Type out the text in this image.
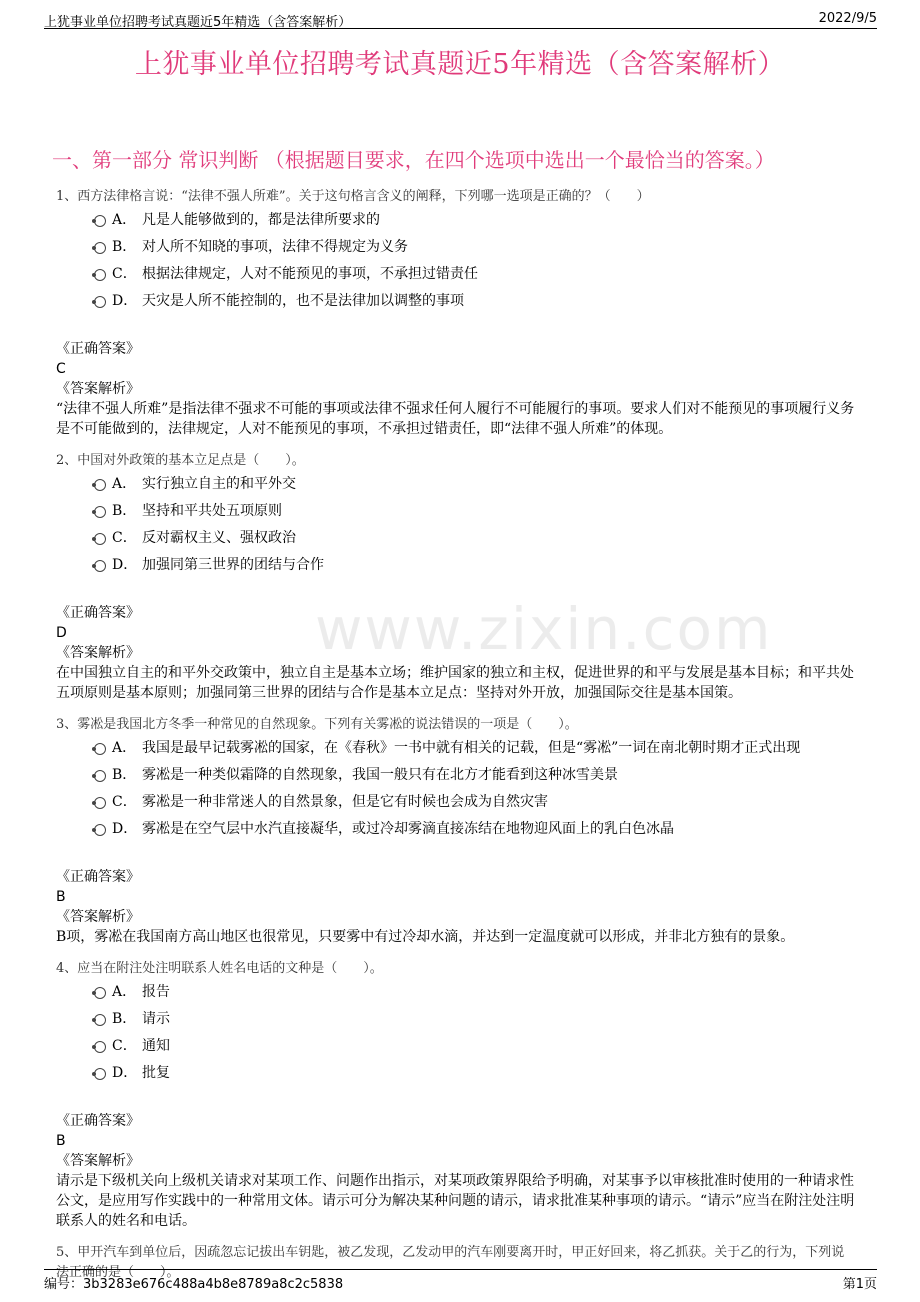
上犹事业单位招聘考试真题近5年精选（含答案解析）	2022/9/5
上犹事业单位招聘考试真题近5年精选（含答案解析）
一、第一部分 常识判断 （根据题目要求，在四个选项中选出一个最恰当的答案。）
www.zixin.com
1、西方法律格言说：“法律不强人所难”。关于这句格言含义的阐释，下列哪一选项是正确的？（　　）
A． 凡是人能够做到的，都是法律所要求的
B． 对人所不知晓的事项，法律不得规定为义务
C． 根据法律规定，人对不能预见的事项，不承担过错责任
D． 天灾是人所不能控制的，也不是法律加以调整的事项
《正确答案》
C
《答案解析》
“法律不强人所难”是指法律不强求不可能的事项或法律不强求任何人履行不可能履行的事项。要求人们对不能预见的事项履行义务是不可能做到的，法律规定，人对不能预见的事项，不承担过错责任，即“法律不强人所难”的体现。
2、中国对外政策的基本立足点是（　　）。
A． 实行独立自主的和平外交
B． 坚持和平共处五项原则
C． 反对霸权主义、强权政治
D． 加强同第三世界的团结与合作
《正确答案》
D
《答案解析》
在中国独立自主的和平外交政策中，独立自主是基本立场；维护国家的独立和主权，促进世界的和平与发展是基本目标；和平共处五项原则是基本原则；加强同第三世界的团结与合作是基本立足点：坚持对外开放，加强国际交往是基本国策。
3、雾凇是我国北方冬季一种常见的自然现象。下列有关雾凇的说法错误的一项是（　　）。
A． 我国是最早记载雾凇的国家，在《春秋》一书中就有相关的记载，但是“雾凇”一词在南北朝时期才正式出现
B． 雾凇是一种类似霜降的自然现象，我国一般只有在北方才能看到这种冰雪美景
C． 雾凇是一种非常迷人的自然景象，但是它有时候也会成为自然灾害
D． 雾凇是在空气层中水汽直接凝华，或过冷却雾滴直接冻结在地物迎风面上的乳白色冰晶
《正确答案》
B
《答案解析》
B项，雾凇在我国南方高山地区也很常见，只要雾中有过冷却水滴，并达到一定温度就可以形成，并非北方独有的景象。
4、应当在附注处注明联系人姓名电话的文种是（　　）。
A． 报告
B． 请示
C． 通知
D． 批复
《正确答案》
B
《答案解析》
请示是下级机关向上级机关请求对某项工作、问题作出指示，对某项政策界限给予明确，对某事予以审核批准时使用的一种请求性公文，是应用写作实践中的一种常用文体。请示可分为解决某种问题的请示，请求批准某种事项的请示。“请示”应当在附注处注明联系人的姓名和电话。
5、甲开汽车到单位后，因疏忽忘记拔出车钥匙，被乙发现，乙发动甲的汽车刚要离开时，甲正好回来，将乙抓获。关于乙的行为，下列说法正确的是（　　）。
编号：3b3283e676c488a4b8e8789a8c2c5838	第1页
